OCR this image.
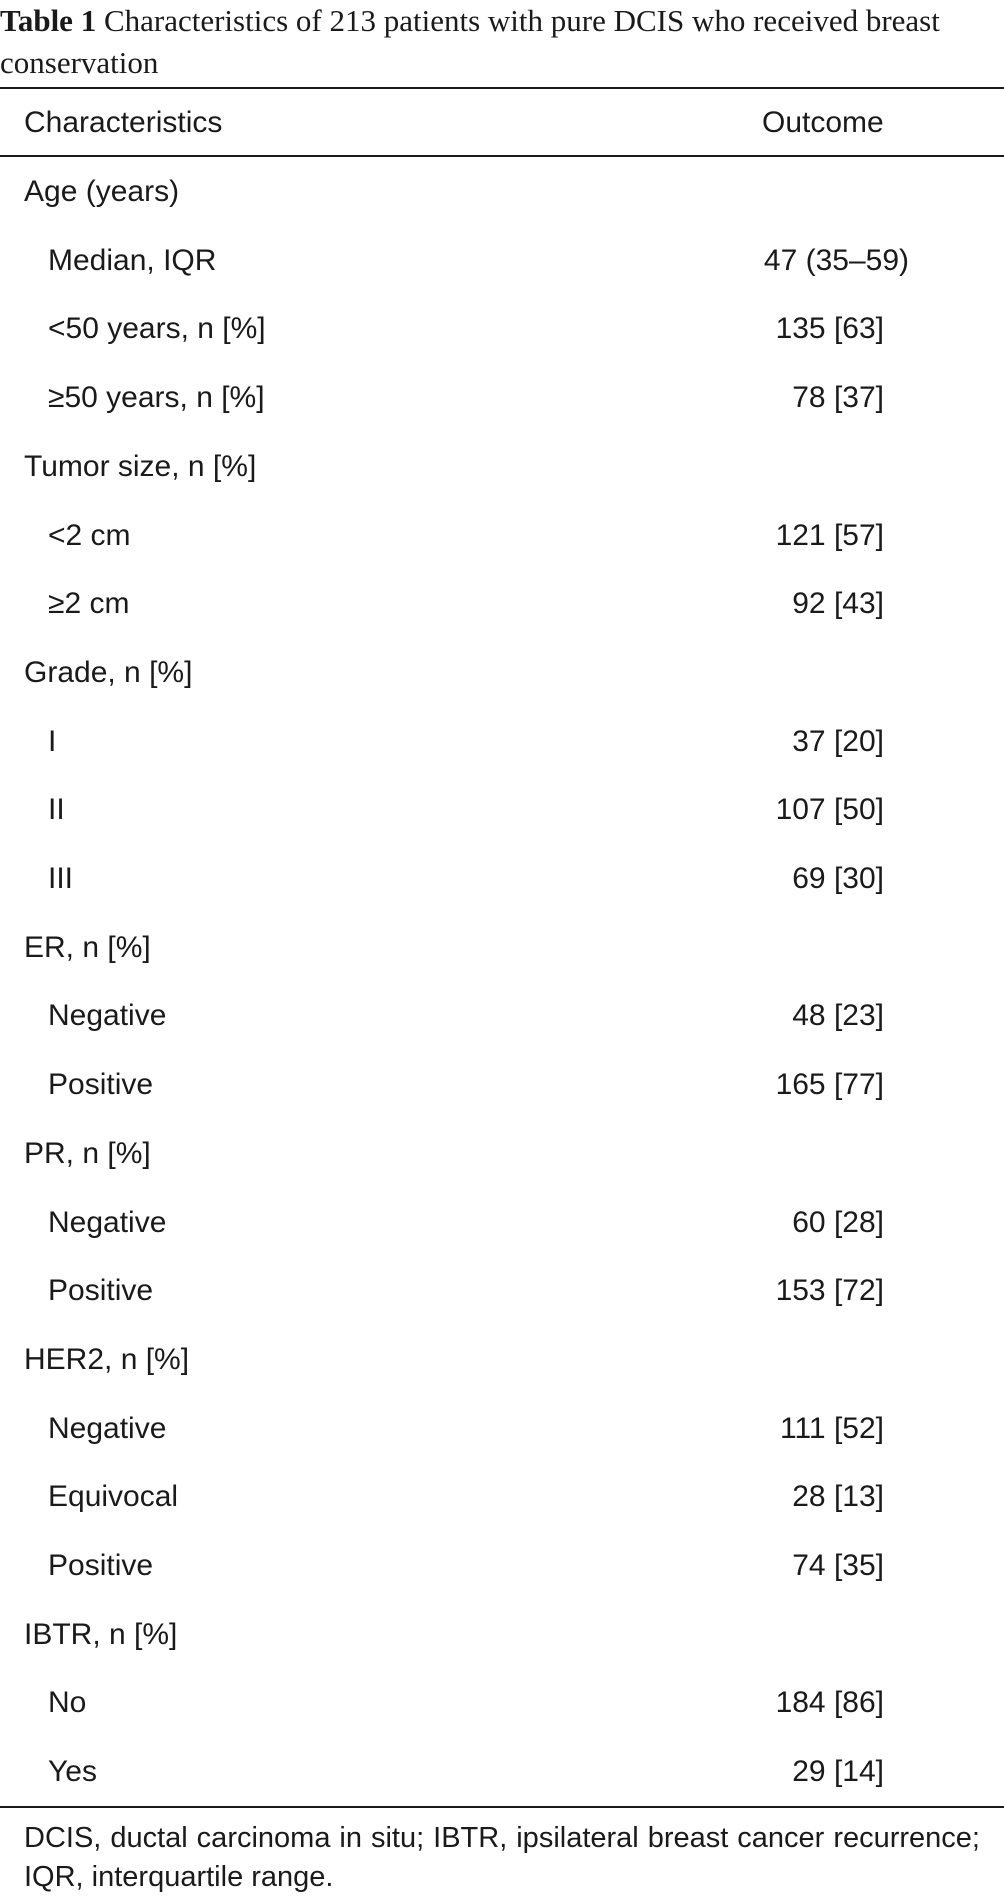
Table 1 Characteristics of 213 patients with pure DCIS who received breast conservation
Characteristics	Outcome
Age (years)
Median, IQR	47 (35–59)
<50 years, n [%]	135 [63]
≥50 years, n [%]	78 [37]
Tumor size, n [%]
<2 cm	121 [57]
≥2 cm	92 [43]
Grade, n [%]
I	37 [20]
II	107 [50]
III	69 [30]
ER, n [%]
Negative	48 [23]
Positive	165 [77]
PR, n [%]
Negative	60 [28]
Positive	153 [72]
HER2, n [%]
Negative	111 [52]
Equivocal	28 [13]
Positive	74 [35]
IBTR, n [%]
No	184 [86]
Yes	29 [14]
DCIS, ductal carcinoma in situ; IBTR, ipsilateral breast cancer recurrence; IQR, interquartile range.
